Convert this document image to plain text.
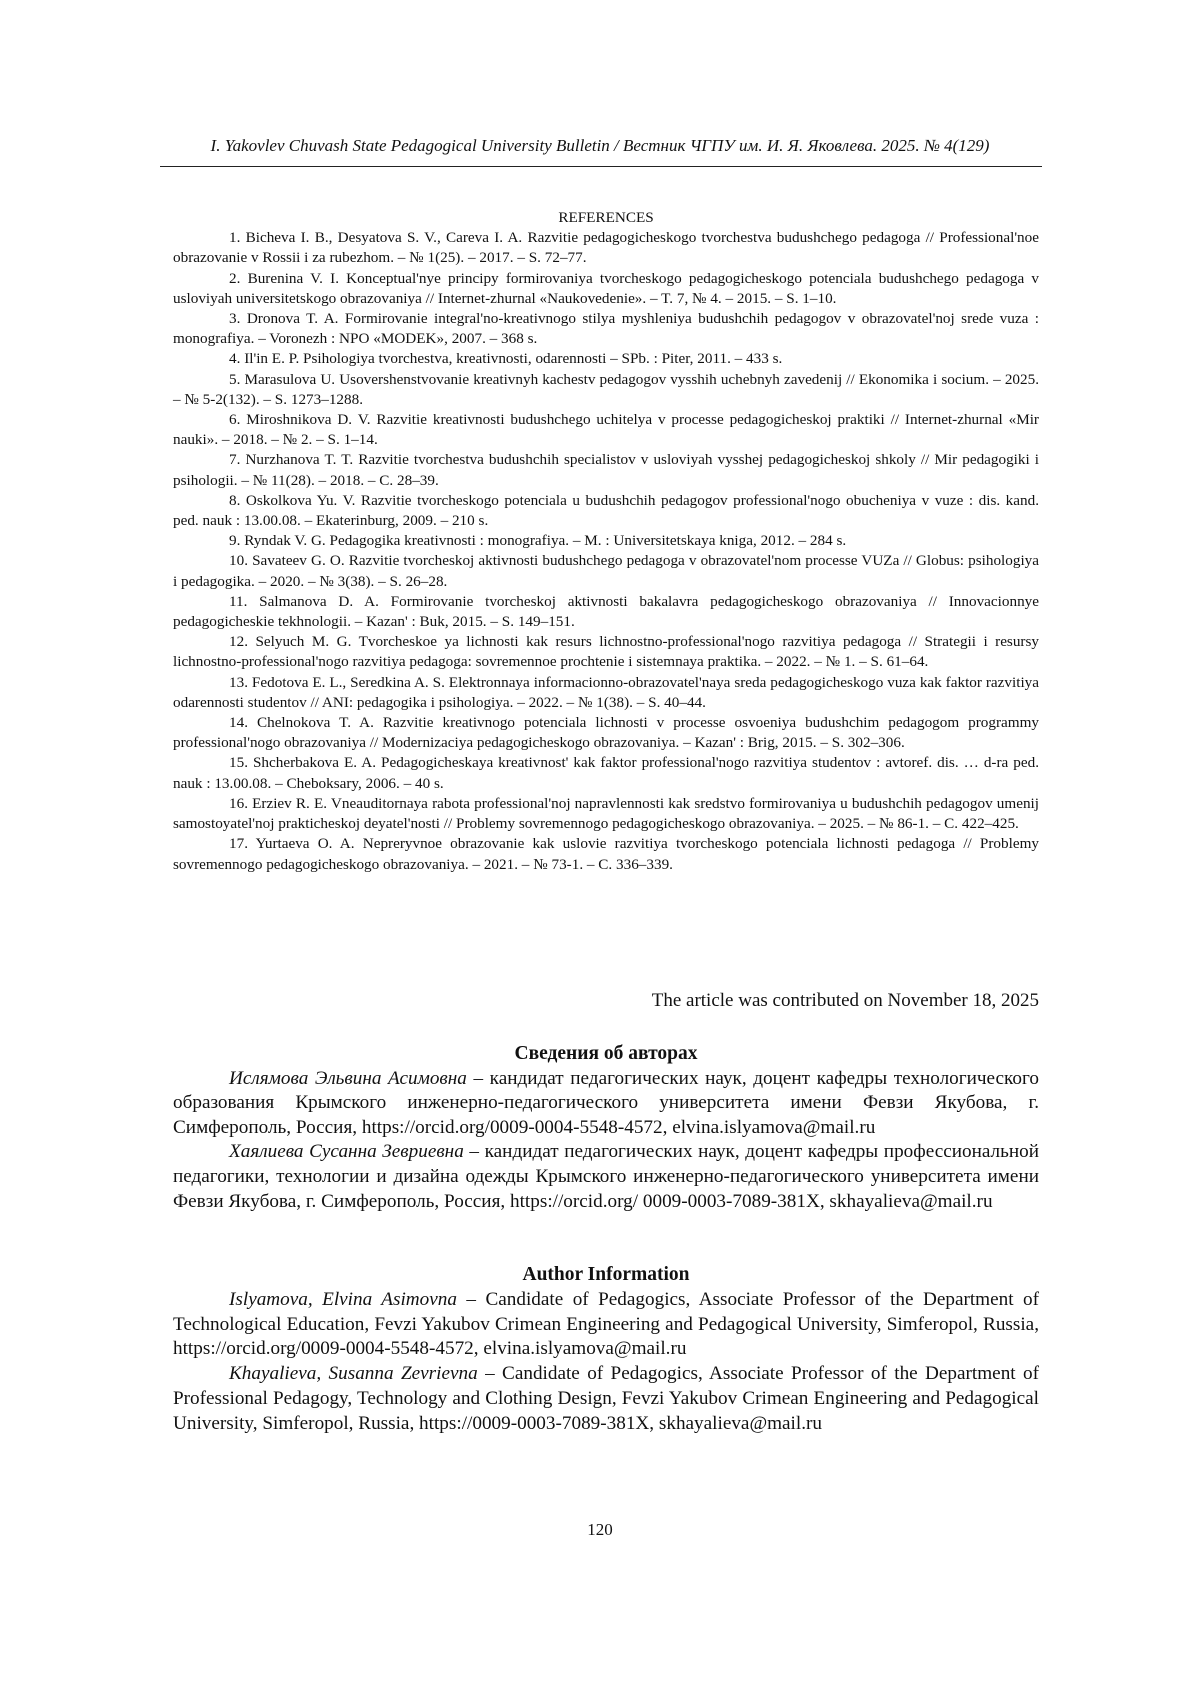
I. Yakovlev Chuvash State Pedagogical University Bulletin / Вестник ЧГПУ им. И. Я. Яковлева. 2025. № 4(129)

REFERENCES

1. Bicheva I. B., Desyatova S. V., Careva I. A. Razvitie pedagogicheskogo tvorchestva budushchego pedagoga // Professional'noe obrazovanie v Rossii i za rubezhom. – № 1(25). – 2017. – S. 72–77.

2. Burenina V. I. Konceptual'nye principy formirovaniya tvorcheskogo pedagogicheskogo potenciala budushchego pedagoga v usloviyah universitetskogo obrazovaniya // Internet-zhurnal «Naukovedenie». – T. 7, № 4. – 2015. – S. 1–10.

3. Dronova T. A. Formirovanie integral'no-kreativnogo stilya myshleniya budushchih pedagogov v obrazovatel'noj srede vuza : monografiya. – Voronezh : NPO «MODEK», 2007. – 368 s.

4. Il'in E. P. Psihologiya tvorchestva, kreativnosti, odarennosti – SPb. : Piter, 2011. – 433 s.

5. Marasulova U. Usovershenstvovanie kreativnyh kachestv pedagogov vysshih uchebnyh zavedenij // Ekonomika i socium. – 2025. – № 5-2(132). – S. 1273–1288.

6. Miroshnikova D. V. Razvitie kreativnosti budushchego uchitelya v processe pedagogicheskoj praktiki // Internet-zhurnal «Mir nauki». – 2018. – № 2. – S. 1–14.

7. Nurzhanova T. T. Razvitie tvorchestva budushchih specialistov v usloviyah vysshej pedagogicheskoj shkoly // Mir pedagogiki i psihologii. – № 11(28). – 2018. – C. 28–39.

8. Oskolkova Yu. V. Razvitie tvorcheskogo potenciala u budushchih pedagogov professional'nogo obucheniya v vuze : dis. kand. ped. nauk : 13.00.08. – Ekaterinburg, 2009. – 210 s.

9. Ryndak V. G. Pedagogika kreativnosti : monografiya. – M. : Universitetskaya kniga, 2012. – 284 s.

10. Savateev G. O. Razvitie tvorcheskoj aktivnosti budushchego pedagoga v obrazovatel'nom processe VUZa // Globus: psihologiya i pedagogika. – 2020. – № 3(38). – S. 26–28.

11. Salmanova D. A. Formirovanie tvorcheskoj aktivnosti bakalavra pedagogicheskogo obrazovaniya // Innovacionnye pedagogicheskie tekhnologii. – Kazan' : Buk, 2015. – S. 149–151.

12. Selyuch M. G. Tvorcheskoe ya lichnosti kak resurs lichnostno-professional'nogo razvitiya pedagoga // Strategii i resursy lichnostno-professional'nogo razvitiya pedagoga: sovremennoe prochtenie i sistemnaya praktika. – 2022. – № 1. – S. 61–64.

13. Fedotova E. L., Seredkina A. S. Elektronnaya informacionno-obrazovatel'naya sreda pedagogicheskogo vuza kak faktor razvitiya odarennosti studentov // ANI: pedagogika i psihologiya. – 2022. – № 1(38). – S. 40–44.

14. Chelnokova T. A. Razvitie kreativnogo potenciala lichnosti v processe osvoeniya budushchim pedagogom programmy professional'nogo obrazovaniya // Modernizaciya pedagogicheskogo obrazovaniya. – Kazan' : Brig, 2015. – S. 302–306.

15. Shcherbakova E. A. Pedagogicheskaya kreativnost' kak faktor professional'nogo razvitiya studentov : avtoref. dis. … d-ra ped. nauk : 13.00.08. – Cheboksary, 2006. – 40 s.

16. Erziev R. E. Vneauditornaya rabota professional'noj napravlennosti kak sredstvo formirovaniya u budushchih pedagogov umenij samostoyatel'noj prakticheskoj deyatel'nosti // Problemy sovremennogo pedagogicheskogo obrazovaniya. – 2025. – № 86-1. – C. 422–425.

17. Yurtaeva O. A. Nepreryvnoe obrazovanie kak uslovie razvitiya tvorcheskogo potenciala lichnosti pedagoga // Problemy sovremennogo pedagogicheskogo obrazovaniya. – 2021. – № 73-1. – C. 336–339.

The article was contributed on November 18, 2025

Сведения об авторах

Ислямова Эльвина Асимовна – кандидат педагогических наук, доцент кафедры технологического образования Крымского инженерно-педагогического университета имени Февзи Якубова, г. Симферополь, Россия, https://orcid.org/0009-0004-5548-4572, elvina.islyamova@mail.ru

Хаялиева Сусанна Зевриевна – кандидат педагогических наук, доцент кафедры профессиональной педагогики, технологии и дизайна одежды Крымского инженерно-педагогического университета имени Февзи Якубова, г. Симферополь, Россия, https://orcid.org/ 0009-0003-7089-381X, skhayalieva@mail.ru

Author Information

Islyamova, Elvina Asimovna – Candidate of Pedagogics, Associate Professor of the Department of Technological Education, Fevzi Yakubov Crimean Engineering and Pedagogical University, Simferopol, Russia, https://orcid.org/0009-0004-5548-4572, elvina.islyamova@mail.ru

Khayalieva, Susanna Zevrievna – Candidate of Pedagogics, Associate Professor of the Department of Professional Pedagogy, Technology and Clothing Design, Fevzi Yakubov Crimean Engineering and Pedagogical University, Simferopol, Russia, https://0009-0003-7089-381X, skhayalieva@mail.ru

120
